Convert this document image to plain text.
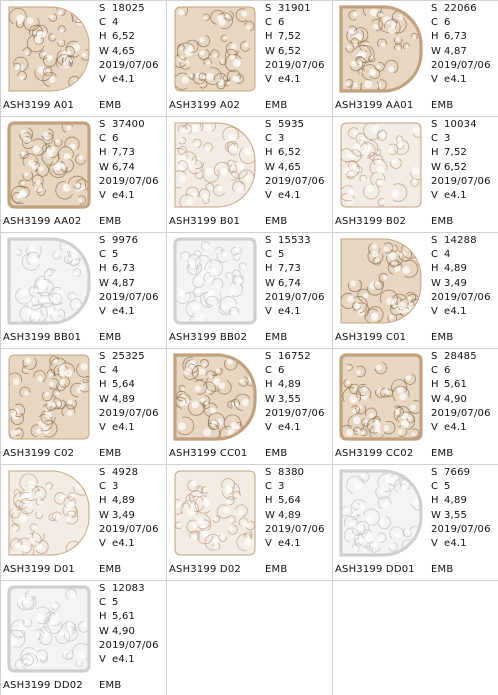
S 18025
C 4
H 6,52
W 4,65
2019/07/06
V e4.1
ASH3199 A01 EMB
S 31901
C 6
H 7,52
W 6,52
2019/07/06
V e4.1
ASH3199 A02 EMB
S 22066
C 6
H 6,73
W 4,87
2019/07/06
V e4.1
ASH3199 AA01 EMB
S 37400
C 6
H 7,73
W 6,74
2019/07/06
V e4.1
ASH3199 AA02 EMB
S 5935
C 3
H 6,52
W 4,65
2019/07/06
V e4.1
ASH3199 B01 EMB
S 10034
C 3
H 7,52
W 6,52
2019/07/06
V e4.1
ASH3199 B02 EMB
S 9976
C 5
H 6,73
W 4,87
2019/07/06
V e4.1
ASH3199 BB01 EMB
S 15533
C 5
H 7,73
W 6,74
2019/07/06
V e4.1
ASH3199 BB02 EMB
S 14288
C 4
H 4,89
W 3,49
2019/07/06
V e4.1
ASH3199 C01 EMB
S 25325
C 4
H 5,64
W 4,89
2019/07/06
V e4.1
ASH3199 C02 EMB
S 16752
C 6
H 4,89
W 3,55
2019/07/06
V e4.1
ASH3199 CC01 EMB
S 28485
C 6
H 5,61
W 4,90
2019/07/06
V e4.1
ASH3199 CC02 EMB
S 4928
C 3
H 4,89
W 3,49
2019/07/06
V e4.1
ASH3199 D01 EMB
S 8380
C 3
H 5,64
W 4,89
2019/07/06
V e4.1
ASH3199 D02 EMB
S 7669
C 5
H 4,89
W 3,55
2019/07/06
V e4.1
ASH3199 DD01 EMB
S 12083
C 5
H 5,61
W 4,90
2019/07/06
V e4.1
ASH3199 DD02 EMB
